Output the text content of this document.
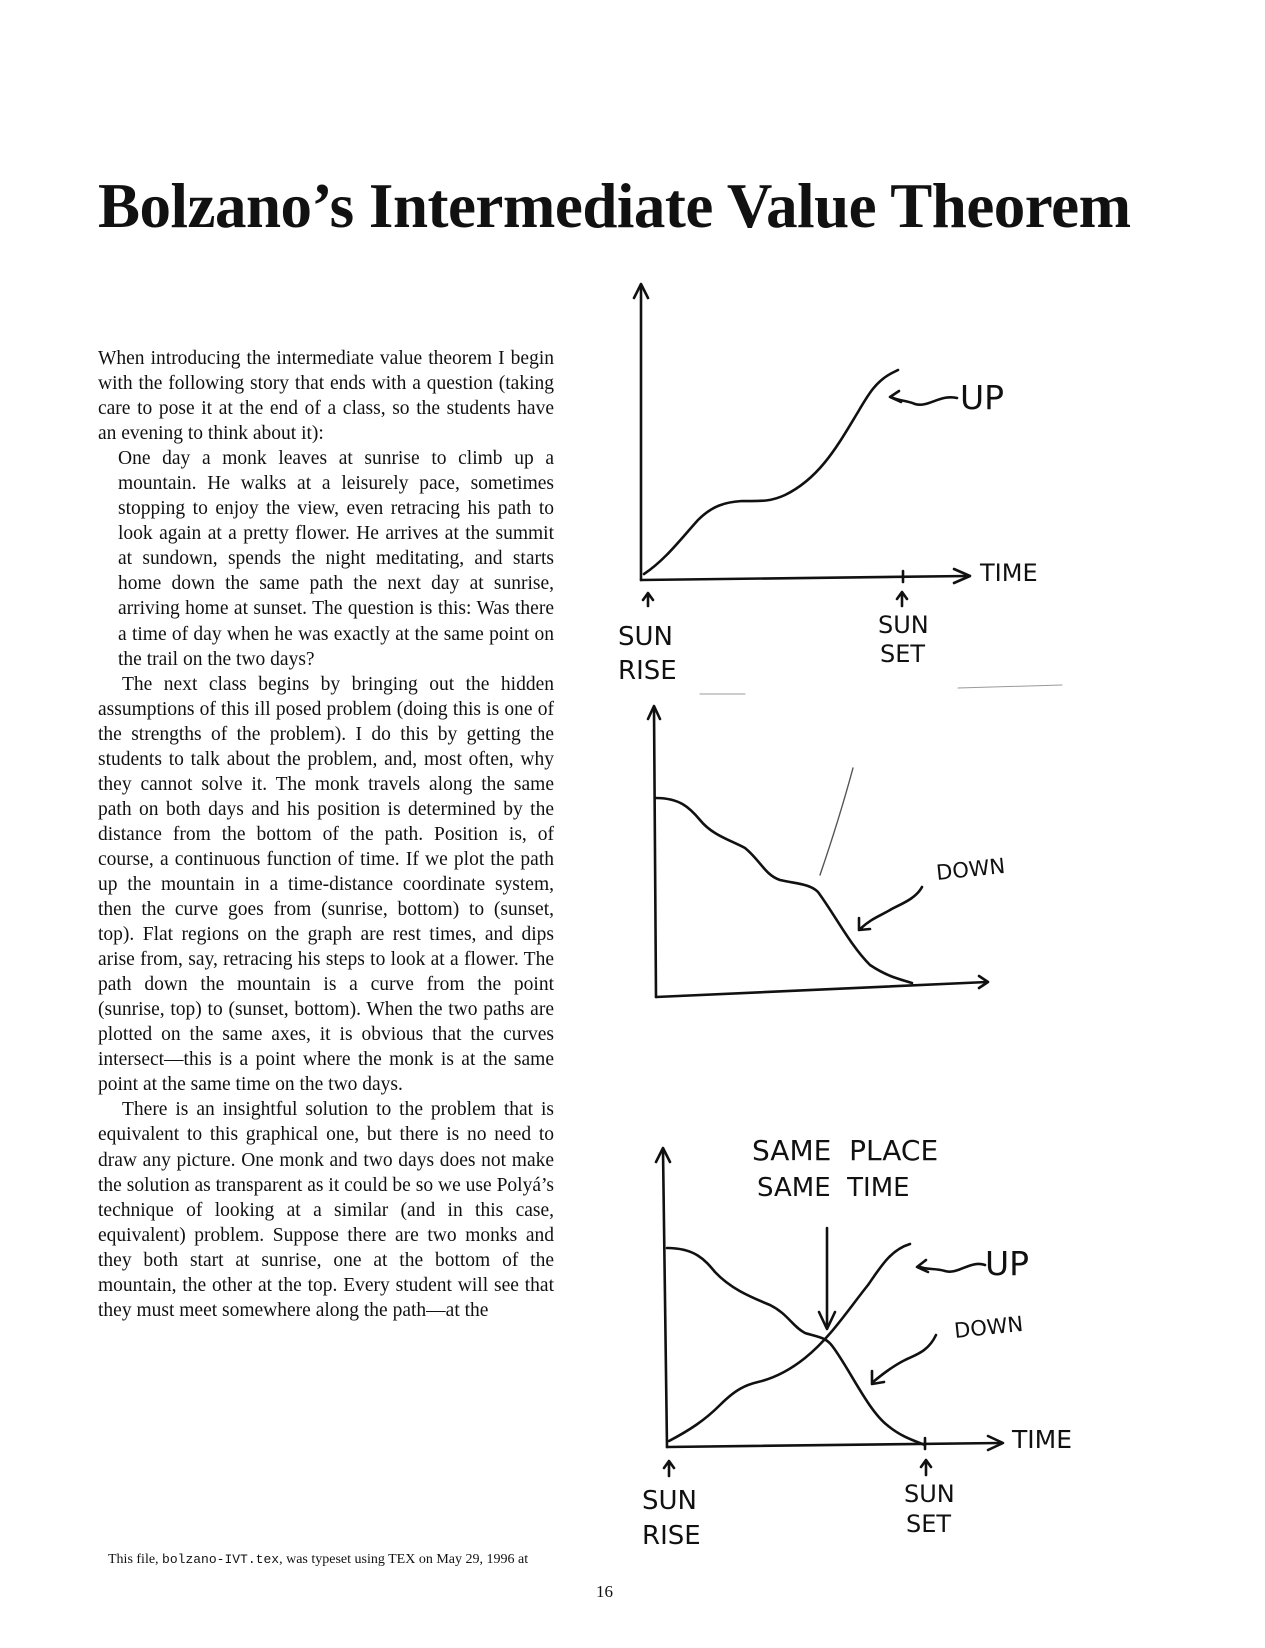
Bolzano’s Intermediate Value Theorem

When introducing the intermediate value theorem I begin with the following story that ends with a question (taking care to pose it at the end of a class, so the students have an evening to think about it):

One day a monk leaves at sunrise to climb up a mountain. He walks at a leisurely pace, sometimes stopping to enjoy the view, even retracing his path to look again at a pretty flower. He arrives at the summit at sundown, spends the night meditating, and starts home down the same path the next day at sunrise, arriving home at sunset. The question is this: Was there a time of day when he was exactly at the same point on the trail on the two days?

The next class begins by bringing out the hidden assumptions of this ill posed problem (doing this is one of the strengths of the problem). I do this by getting the students to talk about the problem, and, most often, why they cannot solve it. The monk travels along the same path on both days and his position is determined by the distance from the bottom of the path. Position is, of course, a continuous function of time. If we plot the path up the mountain in a time-distance coordinate system, then the curve goes from (sunrise, bottom) to (sunset, top). Flat regions on the graph are rest times, and dips arise from, say, retracing his steps to look at a flower. The path down the mountain is a curve from the point (sunrise, top) to (sunset, bottom). When the two paths are plotted on the same axes, it is obvious that the curves intersect—this is a point where the monk is at the same point at the same time on the two days.

There is an insightful solution to the problem that is equivalent to this graphical one, but there is no need to draw any picture. One monk and two days does not make the solution as transparent as it could be so we use Polyá’s technique of looking at a similar (and in this case, equivalent) problem. Suppose there are two monks and they both start at sunrise, one at the bottom of the mountain, the other at the top. Every student will see that they must meet somewhere along the path—at the

This file, bolzano-IVT.tex, was typeset using TEX on May 29, 1996 at
16
UP
TIME
SUN
RISE
SUN
SET
DOWN
SAME  PLACE
SAME  TIME
UP
DOWN
TIME
SUN
RISE
SUN
SET
